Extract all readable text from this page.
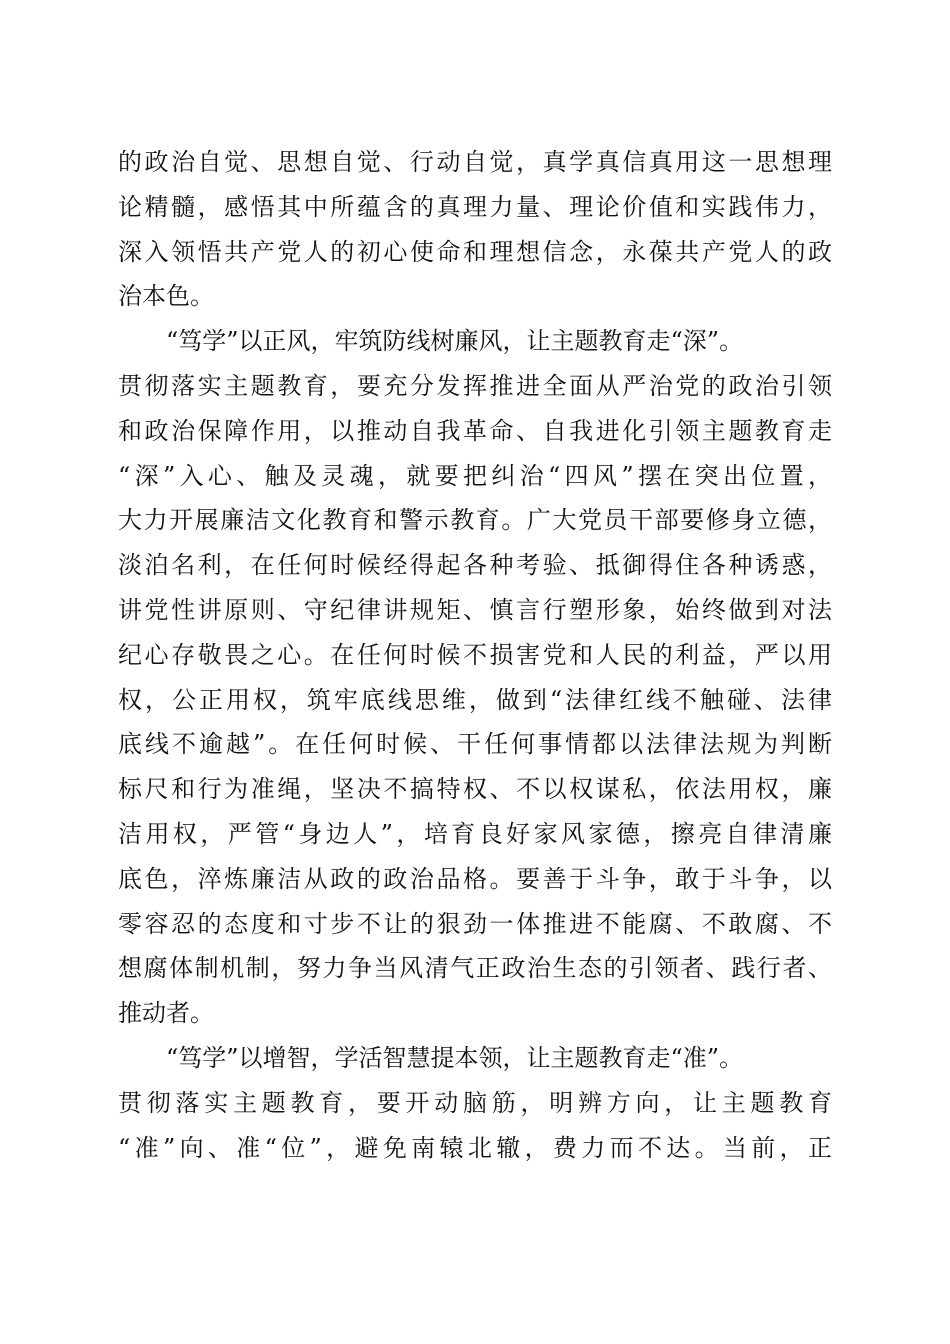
的政治自觉、思想自觉、行动自觉，真学真信真用这一思想理
论精髓，感悟其中所蕴含的真理力量、理论价值和实践伟力，
深入领悟共产党人的初心使命和理想信念，永葆共产党人的政
治本色。
“笃学”以正风，牢筑防线树廉风，让主题教育走“深”。
贯彻落实主题教育，要充分发挥推进全面从严治党的政治引领
和政治保障作用，以推动自我革命、自我进化引领主题教育走
“深”入心、触及灵魂，就要把纠治“四风”摆在突出位置，
大力开展廉洁文化教育和警示教育。广大党员干部要修身立德，
淡泊名利，在任何时候经得起各种考验、抵御得住各种诱惑，
讲党性讲原则、守纪律讲规矩、慎言行塑形象，始终做到对法
纪心存敬畏之心。在任何时候不损害党和人民的利益，严以用
权，公正用权，筑牢底线思维，做到“法律红线不触碰、法律
底线不逾越”。在任何时候、干任何事情都以法律法规为判断
标尺和行为准绳，坚决不搞特权、不以权谋私，依法用权，廉
洁用权，严管“身边人”，培育良好家风家德，擦亮自律清廉
底色，淬炼廉洁从政的政治品格。要善于斗争，敢于斗争，以
零容忍的态度和寸步不让的狠劲一体推进不能腐、不敢腐、不
想腐体制机制，努力争当风清气正政治生态的引领者、践行者、
推动者。
“笃学”以增智，学活智慧提本领，让主题教育走“准”。
贯彻落实主题教育，要开动脑筋，明辨方向，让主题教育
“准”向、准“位”，避免南辕北辙，费力而不达。当前，正
